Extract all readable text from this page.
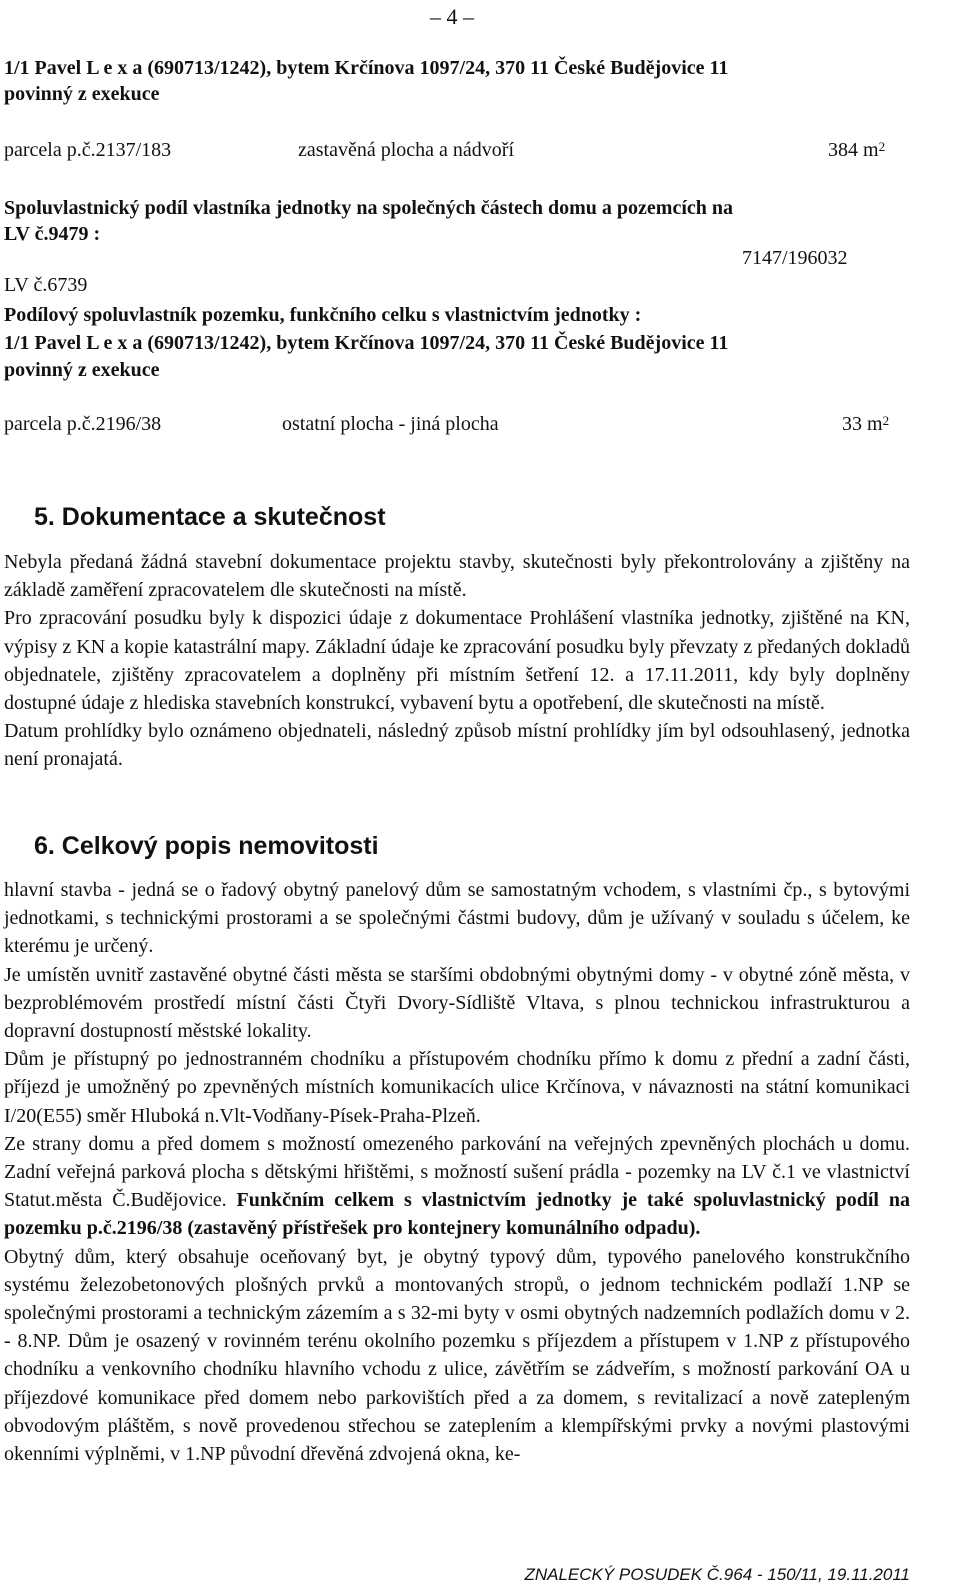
– 4 –
1/1 Pavel L e x a (690713/1242), bytem Krčínova 1097/24, 370 11 České Budějovice 11
povinný z exekuce
parcela p.č.2137/183	zastavěná plocha a nádvoří	384 m 2
Spoluvlastnický podíl vlastníka jednotky na společných částech domu a pozemcích na
LV č.9479 :
7147/196032
LV č.6739
Podílový spoluvlastník pozemku, funkčního celku s vlastnictvím jednotky :
1/1 Pavel L e x a (690713/1242), bytem Krčínova 1097/24, 370 11 České Budějovice 11
povinný z exekuce
parcela p.č.2196/38	ostatní plocha - jiná plocha	33 m 2
5. Dokumentace a skutečnost

Nebyla předaná žádná stavební dokumentace projektu stavby, skutečnosti byly překontrolovány a zjištěny na základě zaměření zpracovatelem dle skutečnosti na místě.

Pro zpracování posudku byly k dispozici údaje z dokumentace Prohlášení vlastníka jednotky, zjištěné na KN, výpisy z KN a kopie katastrální mapy. Základní údaje ke zpracování posudku byly převzaty z předaných dokladů objednatele, zjištěny zpracovatelem a doplněny při místním šetření 12. a 17.11.2011, kdy byly doplněny dostupné údaje z hlediska stavebních konstrukcí, vybavení bytu a opotřebení, dle skutečnosti na místě.

Datum prohlídky bylo oznámeno objednateli, následný způsob místní prohlídky jím byl odsouhlasený, jednotka není pronajatá.

6. Celkový popis nemovitosti

hlavní stavba - jedná se o řadový obytný panelový dům se samostatným vchodem, s vlastními čp., s bytovými jednotkami, s technickými prostorami a se společnými částmi budovy, dům je užívaný v souladu s účelem, ke kterému je určený.

Je umístěn uvnitř zastavěné obytné části města se staršími obdobnými obytnými domy - v obytné zóně města, v bezproblémovém prostředí místní části Čtyři Dvory-Sídliště Vltava, s plnou technickou infrastrukturou a dopravní dostupností městské lokality.

Dům je přístupný po jednostranném chodníku a přístupovém chodníku přímo k domu z přední a zadní části, příjezd je umožněný po zpevněných místních komunikacích ulice Krčínova, v návaznosti na státní komunikaci I/20(E55) směr Hluboká n.Vlt-Vodňany-Písek-Praha-Plzeň.

Ze strany domu a před domem s možností omezeného parkování na veřejných zpevněných plochách u domu. Zadní veřejná parková plocha s dětskými hřištěmi, s možností sušení prádla - pozemky na LV č.1 ve vlastnictví Statut.města Č.Budějovice. Funkčním celkem s vlastnictvím jednotky je také spoluvlastnický podíl na pozemku p.č.2196/38 (zastavěný přístřešek pro kontejnery komunálního odpadu).

Obytný dům, který obsahuje oceňovaný byt, je obytný typový dům, typového panelového konstrukčního systému železobetonových plošných prvků a montovaných stropů, o jednom technickém podlaží 1.NP se společnými prostorami a technickým zázemím a s 32-mi byty v osmi obytných nadzemních podlažích domu v 2. - 8.NP. Dům je osazený v rovinném terénu okolního pozemku s příjezdem a přístupem v 1.NP z přístupového chodníku a venkovního chodníku hlavního vchodu z ulice, závětřím se zádveřím, s možností parkování OA u příjezdové komunikace před domem nebo parkovištích před a za domem, s revitalizací a nově zatepleným obvodovým pláštěm, s nově provedenou střechou se zateplením a klempířskými prvky a novými plastovými okenními výplněmi, v 1.NP původní dřevěná zdvojená okna, ke-

ZNALECKÝ POSUDEK Č.964 - 150/11, 19.11.2011
